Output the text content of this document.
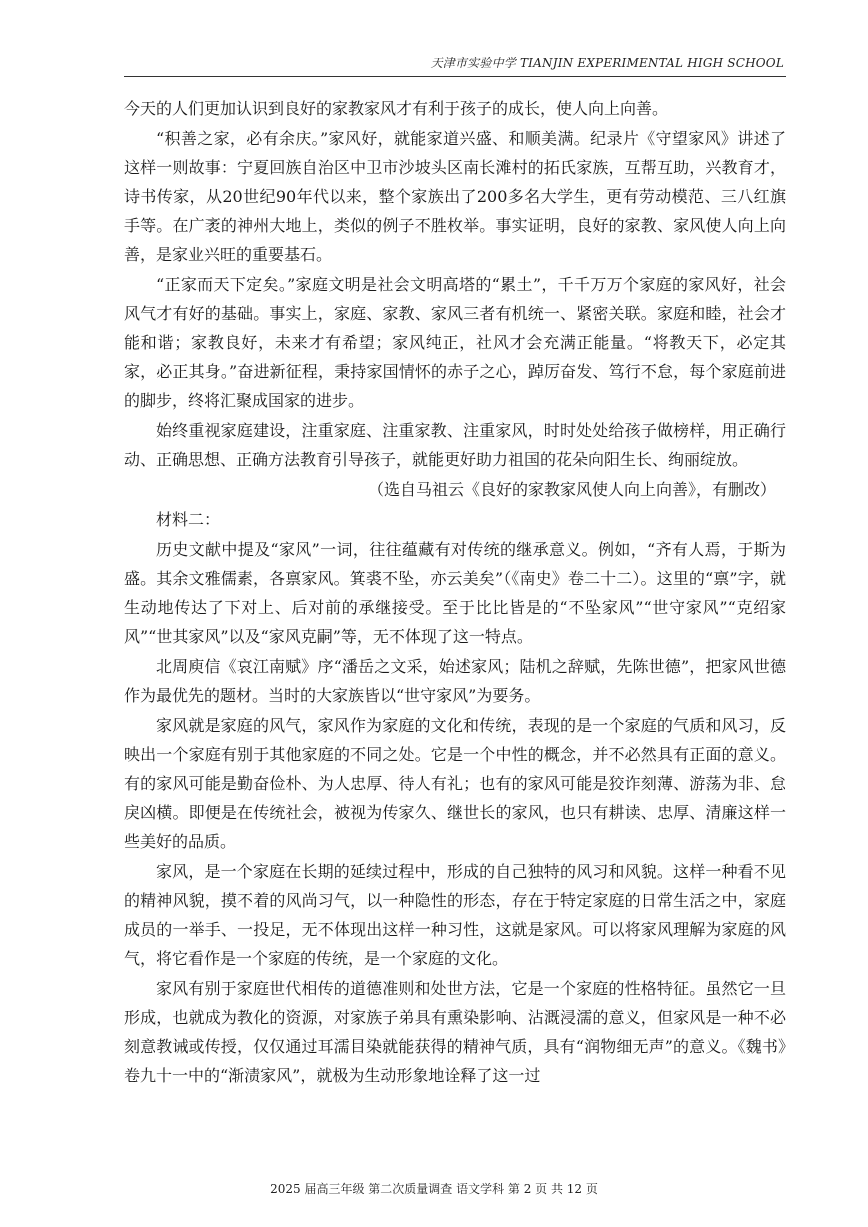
天津市实验中学 TIANJIN EXPERIMENTAL HIGH SCHOOL

今天的人们更加认识到良好的家教家风才有利于孩子的成长，使人向上向善。

“积善之家，必有余庆。”家风好，就能家道兴盛、和顺美满。纪录片《守望家风》讲述了这样一则故事：宁夏回族自治区中卫市沙坡头区南长滩村的拓氏家族，互帮互助，兴教育才，诗书传家，从20世纪90年代以来，整个家族出了200多名大学生，更有劳动模范、三八红旗手等。在广袤的神州大地上，类似的例子不胜枚举。事实证明，良好的家教、家风使人向上向善，是家业兴旺的重要基石。

“正家而天下定矣。”家庭文明是社会文明高塔的“累土”，千千万万个家庭的家风好，社会风气才有好的基础。事实上，家庭、家教、家风三者有机统一、紧密关联。家庭和睦，社会才能和谐；家教良好，未来才有希望；家风纯正，社风才会充满正能量。“将教天下，必定其家，必正其身。”奋进新征程，秉持家国情怀的赤子之心，踔厉奋发、笃行不怠，每个家庭前进的脚步，终将汇聚成国家的进步。

始终重视家庭建设，注重家庭、注重家教、注重家风，时时处处给孩子做榜样，用正确行动、正确思想、正确方法教育引导孩子，就能更好助力祖国的花朵向阳生长、绚丽绽放。

（选自马祖云《良好的家教家风使人向上向善》，有删改）

材料二：

历史文献中提及“家风”一词，往往蕴藏有对传统的继承意义。例如，“齐有人焉，于斯为盛。其余文雅儒素，各禀家风。箕裘不坠，亦云美矣”（《南史》卷二十二）。这里的“禀”字，就生动地传达了下对上、后对前的承继接受。至于比比皆是的“不坠家风”“世守家风”“克绍家风”“世其家风”以及“家风克嗣”等，无不体现了这一特点。

北周庾信《哀江南赋》序“潘岳之文采，始述家风；陆机之辞赋，先陈世德”，把家风世德作为最优先的题材。当时的大家族皆以“世守家风”为要务。

家风就是家庭的风气，家风作为家庭的文化和传统，表现的是一个家庭的气质和风习，反映出一个家庭有别于其他家庭的不同之处。它是一个中性的概念，并不必然具有正面的意义。有的家风可能是勤奋俭朴、为人忠厚、待人有礼；也有的家风可能是狡诈刻薄、游荡为非、怠戾凶横。即便是在传统社会，被视为传家久、继世长的家风，也只有耕读、忠厚、清廉这样一些美好的品质。

家风，是一个家庭在长期的延续过程中，形成的自己独特的风习和风貌。这样一种看不见的精神风貌，摸不着的风尚习气，以一种隐性的形态，存在于特定家庭的日常生活之中，家庭成员的一举手、一投足，无不体现出这样一种习性，这就是家风。可以将家风理解为家庭的风气，将它看作是一个家庭的传统，是一个家庭的文化。

家风有别于家庭世代相传的道德准则和处世方法，它是一个家庭的性格特征。虽然它一旦形成，也就成为教化的资源，对家族子弟具有熏染影响、沾溉浸濡的意义，但家风是一种不必刻意教诫或传授，仅仅通过耳濡目染就能获得的精神气质，具有“润物细无声”的意义。《魏书》卷九十一中的“渐渍家风”，就极为生动形象地诠释了这一过

2025 届高三年级 第二次质量调查 语文学科 第 2 页 共 12 页
